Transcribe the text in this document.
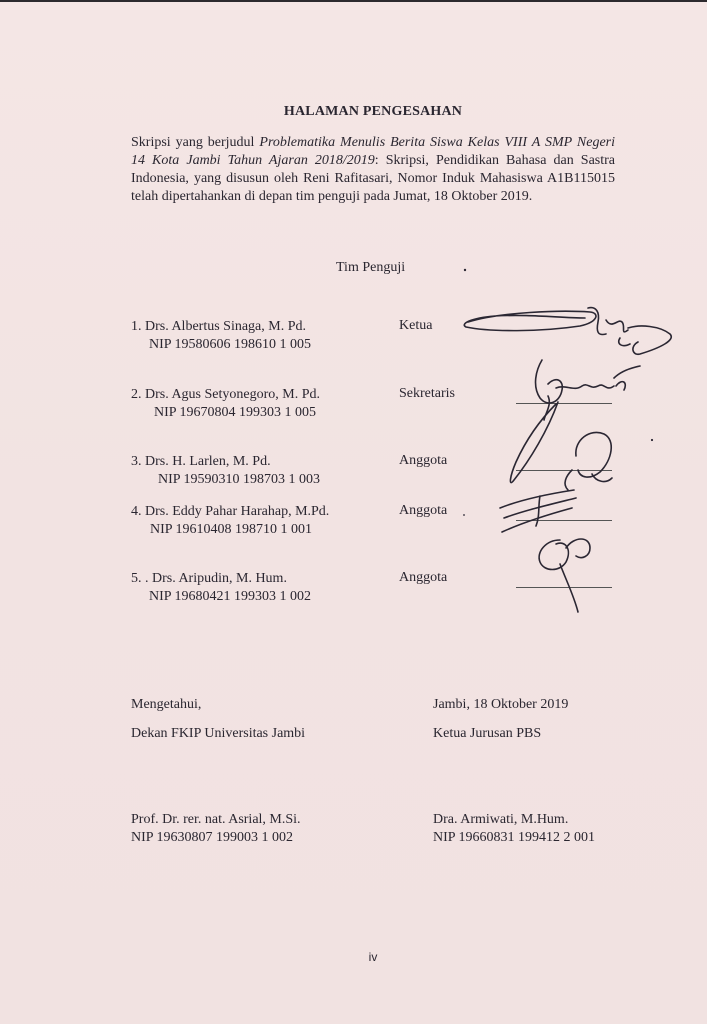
HALAMAN PENGESAHAN
Skripsi yang berjudul Problematika Menulis Berita Siswa Kelas VIII A SMP Negeri 14 Kota Jambi Tahun Ajaran 2018/2019: Skripsi, Pendidikan Bahasa dan Sastra Indonesia, yang disusun oleh Reni Rafitasari, Nomor Induk Mahasiswa A1B115015 telah dipertahankan di depan tim penguji pada Jumat, 18 Oktober 2019.
Tim Penguji
1. Drs. Albertus Sinaga, M. Pd.
NIP 19580606 198610 1 005
Ketua
2. Drs. Agus Setyonegoro, M. Pd.
NIP 19670804 199303 1 005
Sekretaris
3. Drs. H. Larlen, M. Pd.
NIP 19590310 198703 1 003
Anggota
4. Drs. Eddy Pahar Harahap, M.Pd.
NIP 19610408 198710 1 001
Anggota
5. . Drs. Aripudin, M. Hum.
NIP 19680421 199303 1 002
Anggota
Mengetahui,
Dekan FKIP Universitas Jambi
Prof. Dr. rer. nat. Asrial, M.Si.
NIP 19630807 199003 1 002
Jambi, 18 Oktober 2019
Ketua Jurusan PBS
Dra. Armiwati, M.Hum.
NIP 19660831 199412 2 001
iv
